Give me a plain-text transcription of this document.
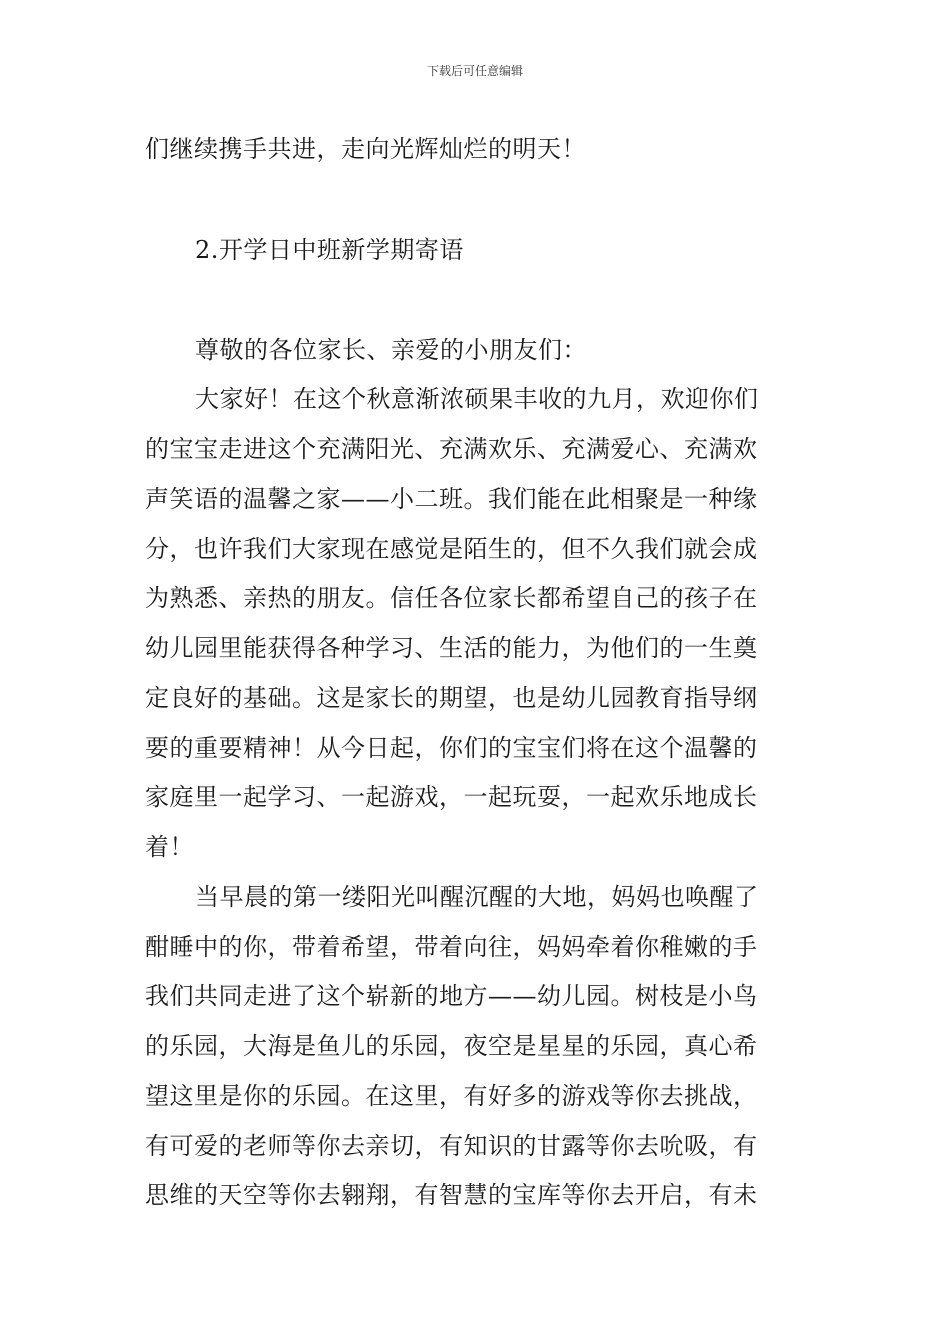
下载后可任意编辑
们继续携手共进，走向光辉灿烂的明天！
2.开学日中班新学期寄语
尊敬的各位家长、亲爱的小朋友们：
大家好！在这个秋意渐浓硕果丰收的九月，欢迎你们
的宝宝走进这个充满阳光、充满欢乐、充满爱心、充满欢
声笑语的温馨之家——小二班。我们能在此相聚是一种缘
分，也许我们大家现在感觉是陌生的，但不久我们就会成
为熟悉、亲热的朋友。信任各位家长都希望自己的孩子在
幼儿园里能获得各种学习、生活的能力，为他们的一生奠
定良好的基础。这是家长的期望，也是幼儿园教育指导纲
要的重要精神！从今日起，你们的宝宝们将在这个温馨的
家庭里一起学习、一起游戏，一起玩耍，一起欢乐地成长
着！
当早晨的第一缕阳光叫醒沉醒的大地，妈妈也唤醒了
酣睡中的你，带着希望，带着向往，妈妈牵着你稚嫩的手
我们共同走进了这个崭新的地方——幼儿园。树枝是小鸟
的乐园，大海是鱼儿的乐园，夜空是星星的乐园，真心希
望这里是你的乐园。在这里，有好多的游戏等你去挑战，
有可爱的老师等你去亲切，有知识的甘露等你去吮吸，有
思维的天空等你去翱翔，有智慧的宝库等你去开启，有未
